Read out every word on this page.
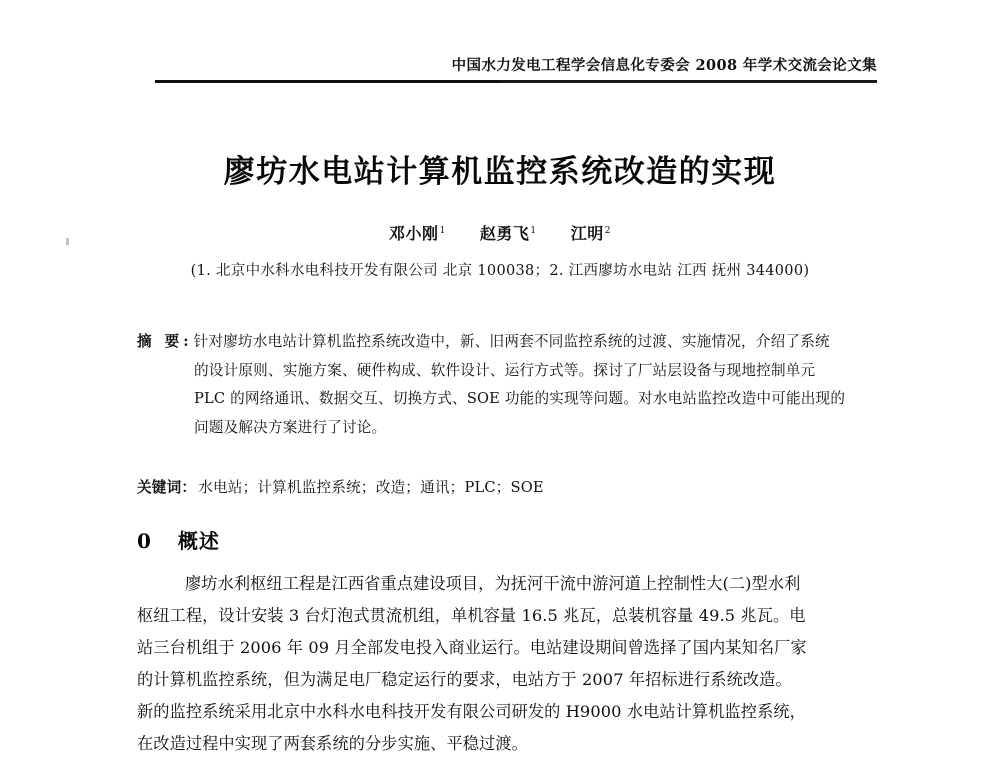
中国水力发电工程学会信息化专委会 2008 年学术交流会论文集
廖坊水电站计算机监控系统改造的实现
邓小刚$^1$ 赵勇飞$^1$ 江明$^2$
(1. 北京中水科水电科技开发有限公司 北京 100038；2. 江西廖坊水电站 江西 抚州 344000)
摘 要:针对廖坊水电站计算机监控系统改造中，新、旧两套不同监控系统的过渡、实施情况，介绍了系统
的设计原则、实施方案、硬件构成、软件设计、运行方式等。探讨了厂站层设备与现地控制单元
PLC 的网络通讯、数据交互、切换方式、SOE 功能的实现等问题。对水电站监控改造中可能出现的
问题及解决方案进行了讨论。
关键词： 水电站；计算机监控系统；改造；通讯；PLC；SOE
0 概述
廖坊水利枢纽工程是江西省重点建设项目，为抚河干流中游河道上控制性大(二)型水利
枢纽工程，设计安装 3 台灯泡式贯流机组，单机容量 16.5 兆瓦，总装机容量 49.5 兆瓦。电
站三台机组于 2006 年 09 月全部发电投入商业运行。电站建设期间曾选择了国内某知名厂家
的计算机监控系统，但为满足电厂稳定运行的要求，电站方于 2007 年招标进行系统改造。
新的监控系统采用北京中水科水电科技开发有限公司研发的 H9000 水电站计算机监控系统，
在改造过程中实现了两套系统的分步实施、平稳过渡。
